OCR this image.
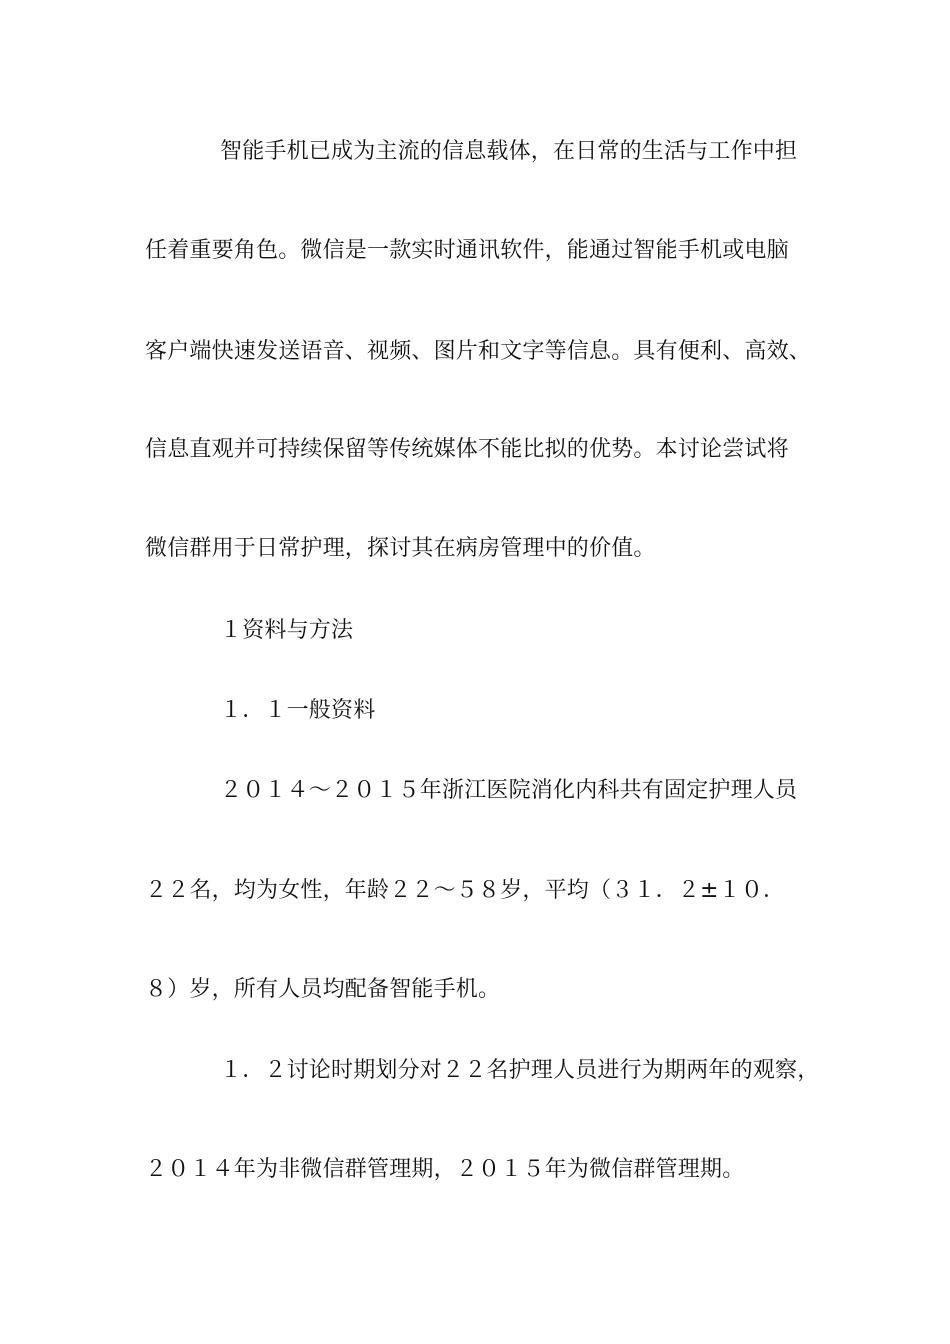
智能手机已成为主流的信息载体，在日常的生活与工作中担
任着重要角色。微信是一款实时通讯软件，能通过智能手机或电脑
客户端快速发送语音、视频、图片和文字等信息。具有便利、高效、
信息直观并可持续保留等传统媒体不能比拟的优势。本讨论尝试将
微信群用于日常护理，探讨其在病房管理中的价值。
１资料与方法
１．１一般资料
２０１４～２０１５年浙江医院消化内科共有固定护理人员
２２名，均为女性，年龄２２～５８岁，平均（３１．２±１０．
８）岁，所有人员均配备智能手机。
１．２讨论时期划分对２２名护理人员进行为期两年的观察，
２０１４年为非微信群管理期，２０１５年为微信群管理期。
